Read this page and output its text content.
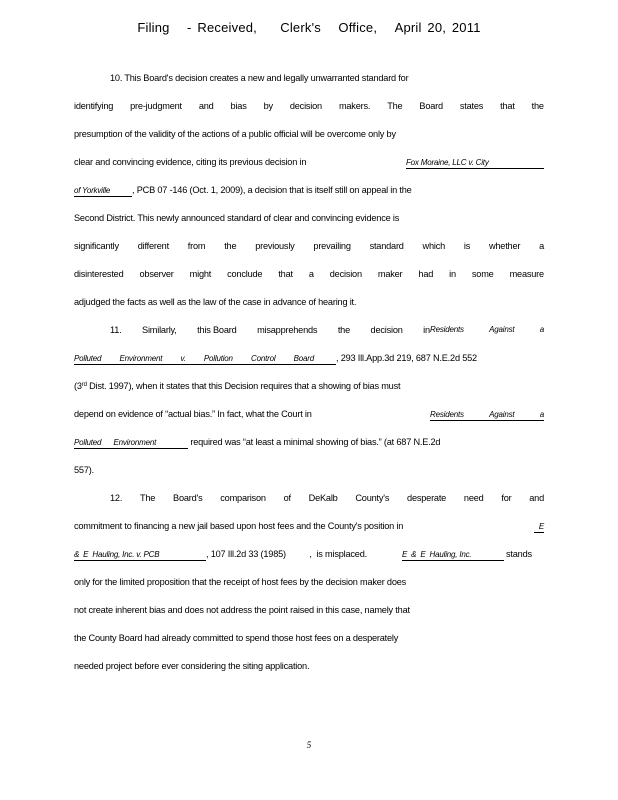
Filing - Received, Clerk's Office, April 20, 2011
10. This Board's decision creates a new and legally unwarranted standard for
identifying pre-judgment and bias by decision makers. The Board states that the
presumption of the validity of the actions of a public official will be overcome only by
clear and convincing evidence, citing its previous decision in	Fox Moraine, LLC v. City
of Yorkville , PCB 07 -146 (Oct. 1, 2009), a decision that is itself still on appeal in the
Second District. This newly announced standard of clear and convincing evidence is
significantly different from the previously prevailing standard which is whether a
disinterested observer might conclude that a decision maker had in some measure
adjudged the facts as well as the law of the case in advance of hearing it.
11. Similarly, this Board misapprehends the decision in Residents	Against	a
Polluted Environment v. Pollution Control Board , 293 Ill.App.3d 219, 687 N.E.2d 552
(3rd Dist. 1997), when it states that this Decision requires that a showing of bias must
depend on evidence of “actual bias.” In fact, what the Court in	Residents	Against	a
Polluted      Environment	required was “at least a minimal showing of bias.” (at 687 N.E.2d
557).
12. The Board's comparison of DeKalb County's desperate need for and
commitment to financing a new jail based upon host fees and the County's position in	E
&  E  Hauling, Inc. v. PCB	, 107 Ill.2d 33 (1985)          ,  is misplaced.	E  &  E  Hauling, Inc.	stands
only for the limited proposition that the receipt of host fees by the decision maker does
not create inherent bias and does not address the point raised in this case, namely that
the County Board had already committed to spend those host fees on a desperately
needed project before ever considering the siting application.
5
